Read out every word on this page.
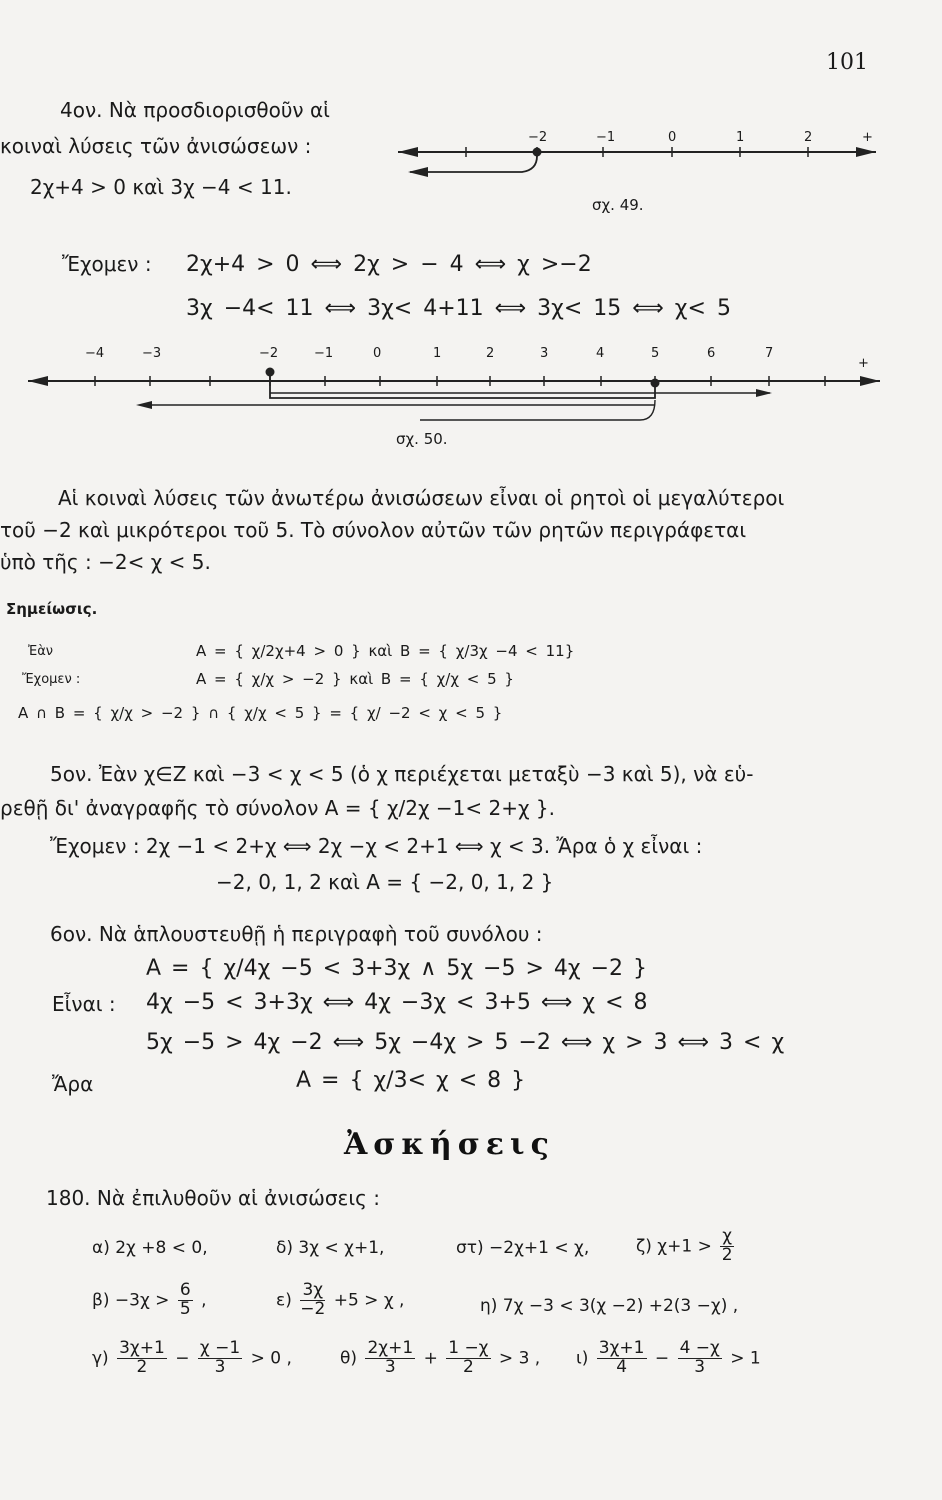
101
4ον. Νὰ προσδιορισθοῦν αἱ
κοιναὶ λύσεις τῶν ἀνισώσεων :
2χ+4 > 0 καὶ 3χ −4 < 11.
−2	−1	0	1	2	+
σχ. 49.
Ἔχομεν : 2χ+4 > 0 ⟺ 2χ > − 4 ⟺ χ >−2
3χ −4< 11 ⟺ 3χ< 4+11 ⟺ 3χ< 15 ⟺ χ< 5
−4	−3	−2	−1	0	1	2	3	4	5	6	7
+
σχ. 50.
Αἱ κοιναὶ λύσεις τῶν ἀνωτέρω ἀνισώσεων εἶναι οἱ ρητοὶ οἱ μεγαλύτεροι
τοῦ −2 καὶ μικρότεροι τοῦ 5. Τὸ σύνολον αὐτῶν τῶν ρητῶν περιγράφεται
ὑπὸ τῆς : −2< χ < 5.
Σημείωσις.
Ἐὰν	Α = { χ/2χ+4 > 0 } καὶ Β = { χ/3χ −4 < 11}
Ἔχομεν :	Α = { χ/χ > −2 } καὶ Β = { χ/χ < 5 }
Α ∩ Β = { χ/χ > −2 } ∩ { χ/χ < 5 } = { χ/ −2 < χ < 5 }
5ον. Ἐὰν χ∈Ζ καὶ −3 < χ < 5 (ὁ χ περιέχεται μεταξὺ −3 καὶ 5), νὰ εὑ-
ρεθῇ δι' ἀναγραφῆς τὸ σύνολον Α = { χ/2χ −1< 2+χ }.
Ἔχομεν : 2χ −1 < 2+χ ⟺ 2χ −χ < 2+1 ⟺ χ < 3. Ἄρα ὁ χ εἶναι :
−2, 0, 1, 2 καὶ Α = { −2, 0, 1, 2 }
6ον. Νὰ ἁπλουστευθῇ ἡ περιγραφὴ τοῦ συνόλου :
Α = { χ/4χ −5 < 3+3χ ∧ 5χ −5 > 4χ −2 }
Εἶναι : 4χ −5 < 3+3χ ⟺ 4χ −3χ < 3+5 ⟺ χ < 8
5χ −5 > 4χ −2 ⟺ 5χ −4χ > 5 −2 ⟺ χ > 3 ⟺ 3 < χ
Ἄρα	Α = { χ/3< χ < 8 }
Ἀσκήσεις
180. Νὰ ἐπιλυθοῦν αἱ ἀνισώσεις :
α) 2χ +8 < 0,	δ) 3χ < χ+1,	στ) −2χ+1 < χ,	ζ) $\chi+1 > \frac{\chi}{2}$
$\beta) -3\chi > \frac{6}{5}$ ,	$\varepsilon) \frac{3\chi}{-2} +5 > \chi$ ,	η) 7χ −3 < 3(χ −2) +2(3 −χ) ,
$\gamma) \frac{3\chi+1}{2} - \frac{\chi -1}{3} > 0$ ,	$\theta) \frac{2\chi+1}{3} + \frac{1 -\chi}{2} > 3$ , $\iota) \frac{3\chi+1}{4} - \frac{4 -\chi}{3} > 1$
